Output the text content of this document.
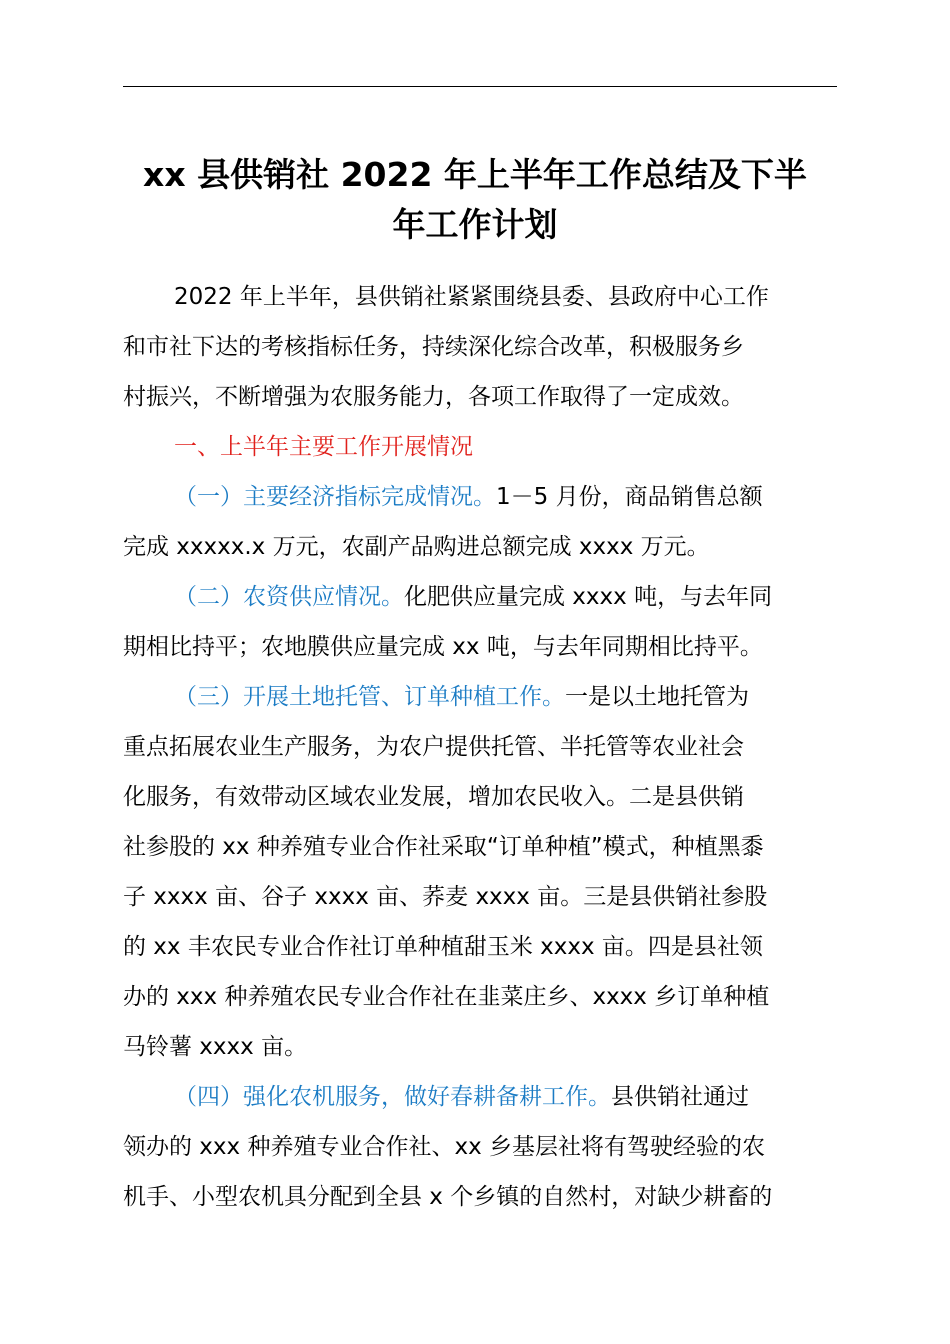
xx 县供销社 2022 年上半年工作总结及下半
年工作计划

2022 年上半年，县供销社紧紧围绕县委、县政府中心工作
和市社下达的考核指标任务，持续深化综合改革，积极服务乡
村振兴，不断增强为农服务能力，各项工作取得了一定成效。

一、上半年主要工作开展情况

（一）主要经济指标完成情况。1－5 月份，商品销售总额
完成 xxxxx.x 万元，农副产品购进总额完成 xxxx 万元。

（二）农资供应情况。化肥供应量完成 xxxx 吨，与去年同
期相比持平；农地膜供应量完成 xx 吨，与去年同期相比持平。

（三）开展土地托管、订单种植工作。一是以土地托管为
重点拓展农业生产服务，为农户提供托管、半托管等农业社会
化服务，有效带动区域农业发展，增加农民收入。二是县供销
社参股的 xx 种养殖专业合作社采取“订单种植”模式，种植黑黍
子 xxxx 亩、谷子 xxxx 亩、荞麦 xxxx 亩。三是县供销社参股
的 xx 丰农民专业合作社订单种植甜玉米 xxxx 亩。四是县社领
办的 xxx 种养殖农民专业合作社在韭菜庄乡、xxxx 乡订单种植
马铃薯 xxxx 亩。

（四）强化农机服务，做好春耕备耕工作。县供销社通过
领办的 xxx 种养殖专业合作社、xx 乡基层社将有驾驶经验的农
机手、小型农机具分配到全县 x 个乡镇的自然村，对缺少耕畜的
